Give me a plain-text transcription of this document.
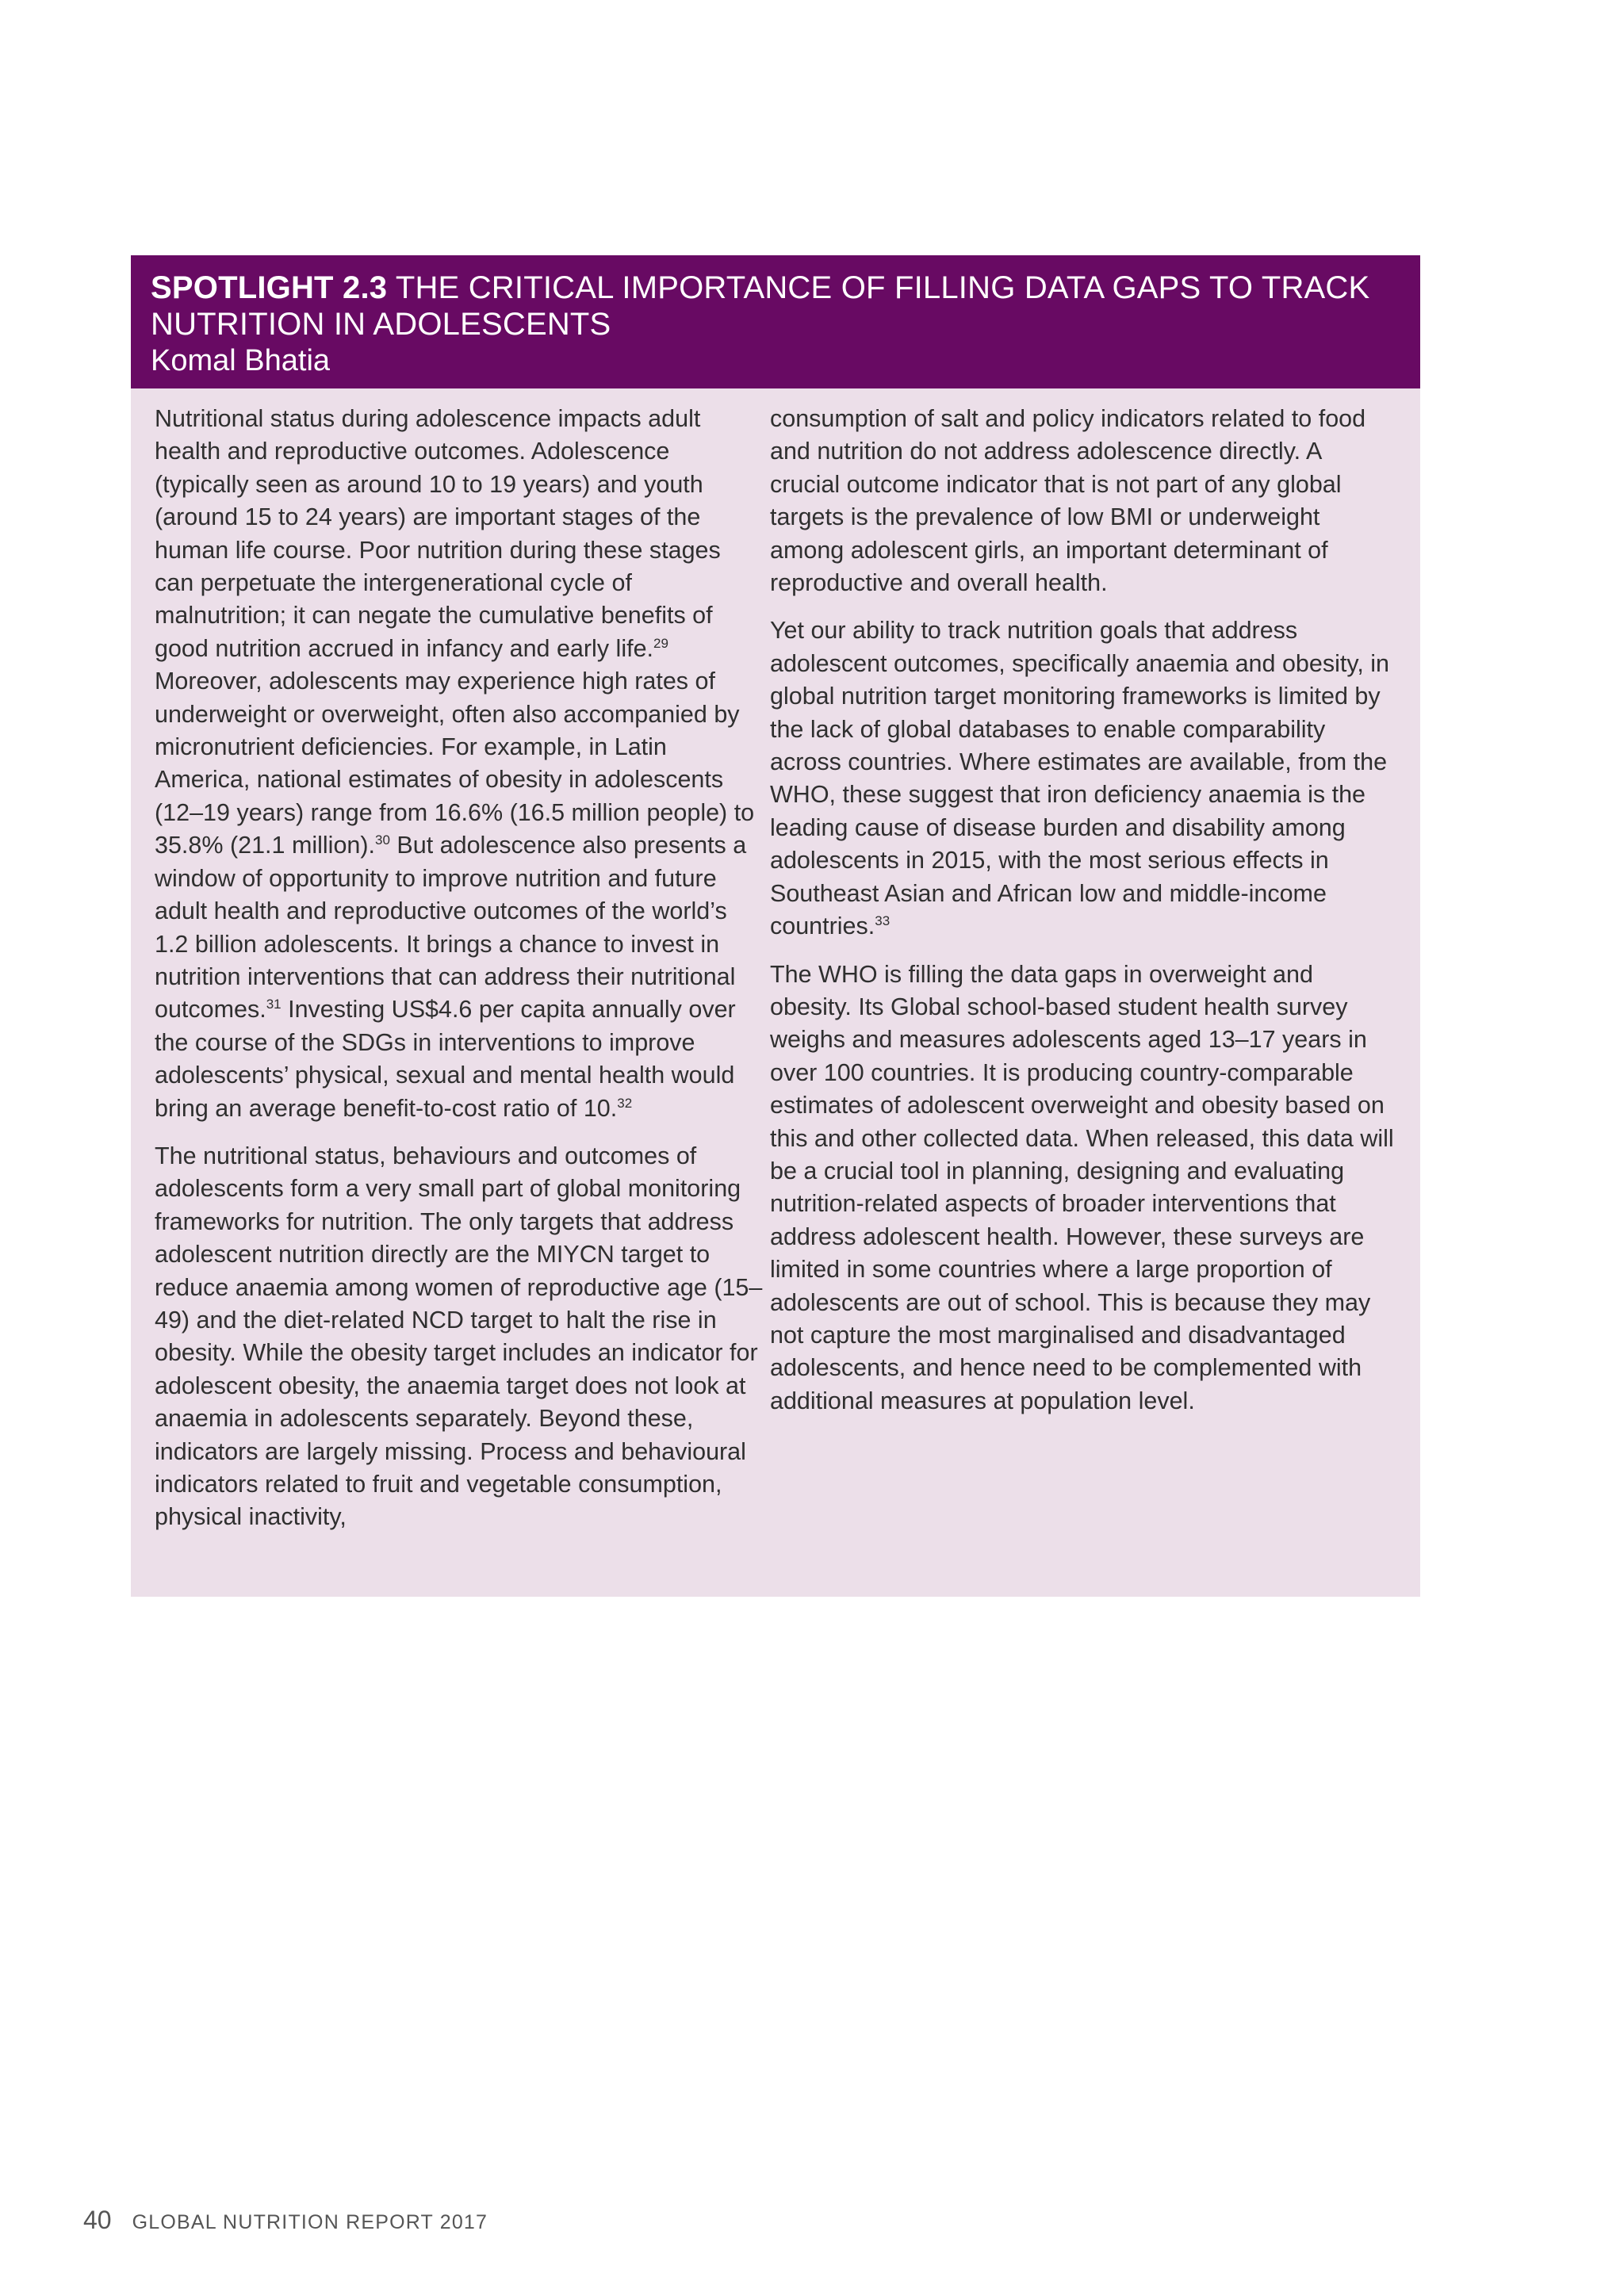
SPOTLIGHT 2.3 THE CRITICAL IMPORTANCE OF FILLING DATA GAPS TO TRACK NUTRITION IN ADOLESCENTS

Komal Bhatia

Nutritional status during adolescence impacts adult health and reproductive outcomes. Adolescence (typically seen as around 10 to 19 years) and youth (around 15 to 24 years) are important stages of the human life course. Poor nutrition during these stages can perpetuate the intergenerational cycle of malnutrition; it can negate the cumulative benefits of good nutrition accrued in infancy and early life.$^{29}$ Moreover, adolescents may experience high rates of underweight or overweight, often also accompanied by micronutrient deficiencies. For example, in Latin America, national estimates of obesity in adolescents (12–19 years) range from 16.6% (16.5 million people) to 35.8% (21.1 million).$^{30}$ But adolescence also presents a window of opportunity to improve nutrition and future adult health and reproductive outcomes of the world’s 1.2 billion adolescents. It brings a chance to invest in nutrition interventions that can address their nutritional outcomes.$^{31}$ Investing US$4.6 per capita annually over the course of the SDGs in interventions to improve adolescents’ physical, sexual and mental health would bring an average benefit-to-cost ratio of 10.32

The nutritional status, behaviours and outcomes of adolescents form a very small part of global monitoring frameworks for nutrition. The only targets that address adolescent nutrition directly are the MIYCN target to reduce anaemia among women of reproductive age (15–49) and the diet-related NCD target to halt the rise in obesity. While the obesity target includes an indicator for adolescent obesity, the anaemia target does not look at anaemia in adolescents separately. Beyond these, indicators are largely missing. Process and behavioural indicators related to fruit and vegetable consumption, physical inactivity,

consumption of salt and policy indicators related to food and nutrition do not address adolescence directly. A crucial outcome indicator that is not part of any global targets is the prevalence of low BMI or underweight among adolescent girls, an important determinant of reproductive and overall health.

Yet our ability to track nutrition goals that address adolescent outcomes, specifically anaemia and obesity, in global nutrition target monitoring frameworks is limited by the lack of global databases to enable comparability across countries. Where estimates are available, from the WHO, these suggest that iron deficiency anaemia is the leading cause of disease burden and disability among adolescents in 2015, with the most serious effects in Southeast Asian and African low and middle-income countries.$^{33}$

The WHO is filling the data gaps in overweight and obesity. Its Global school-based student health survey weighs and measures adolescents aged 13–17 years in over 100 countries. It is producing country-comparable estimates of adolescent overweight and obesity based on this and other collected data. When released, this data will be a crucial tool in planning, designing and evaluating nutrition-related aspects of broader interventions that address adolescent health. However, these surveys are limited in some countries where a large proportion of adolescents are out of school. This is because they may not capture the most marginalised and disadvantaged adolescents, and hence need to be complemented with additional measures at population level.

40 GLOBAL NUTRITION REPORT 2017
